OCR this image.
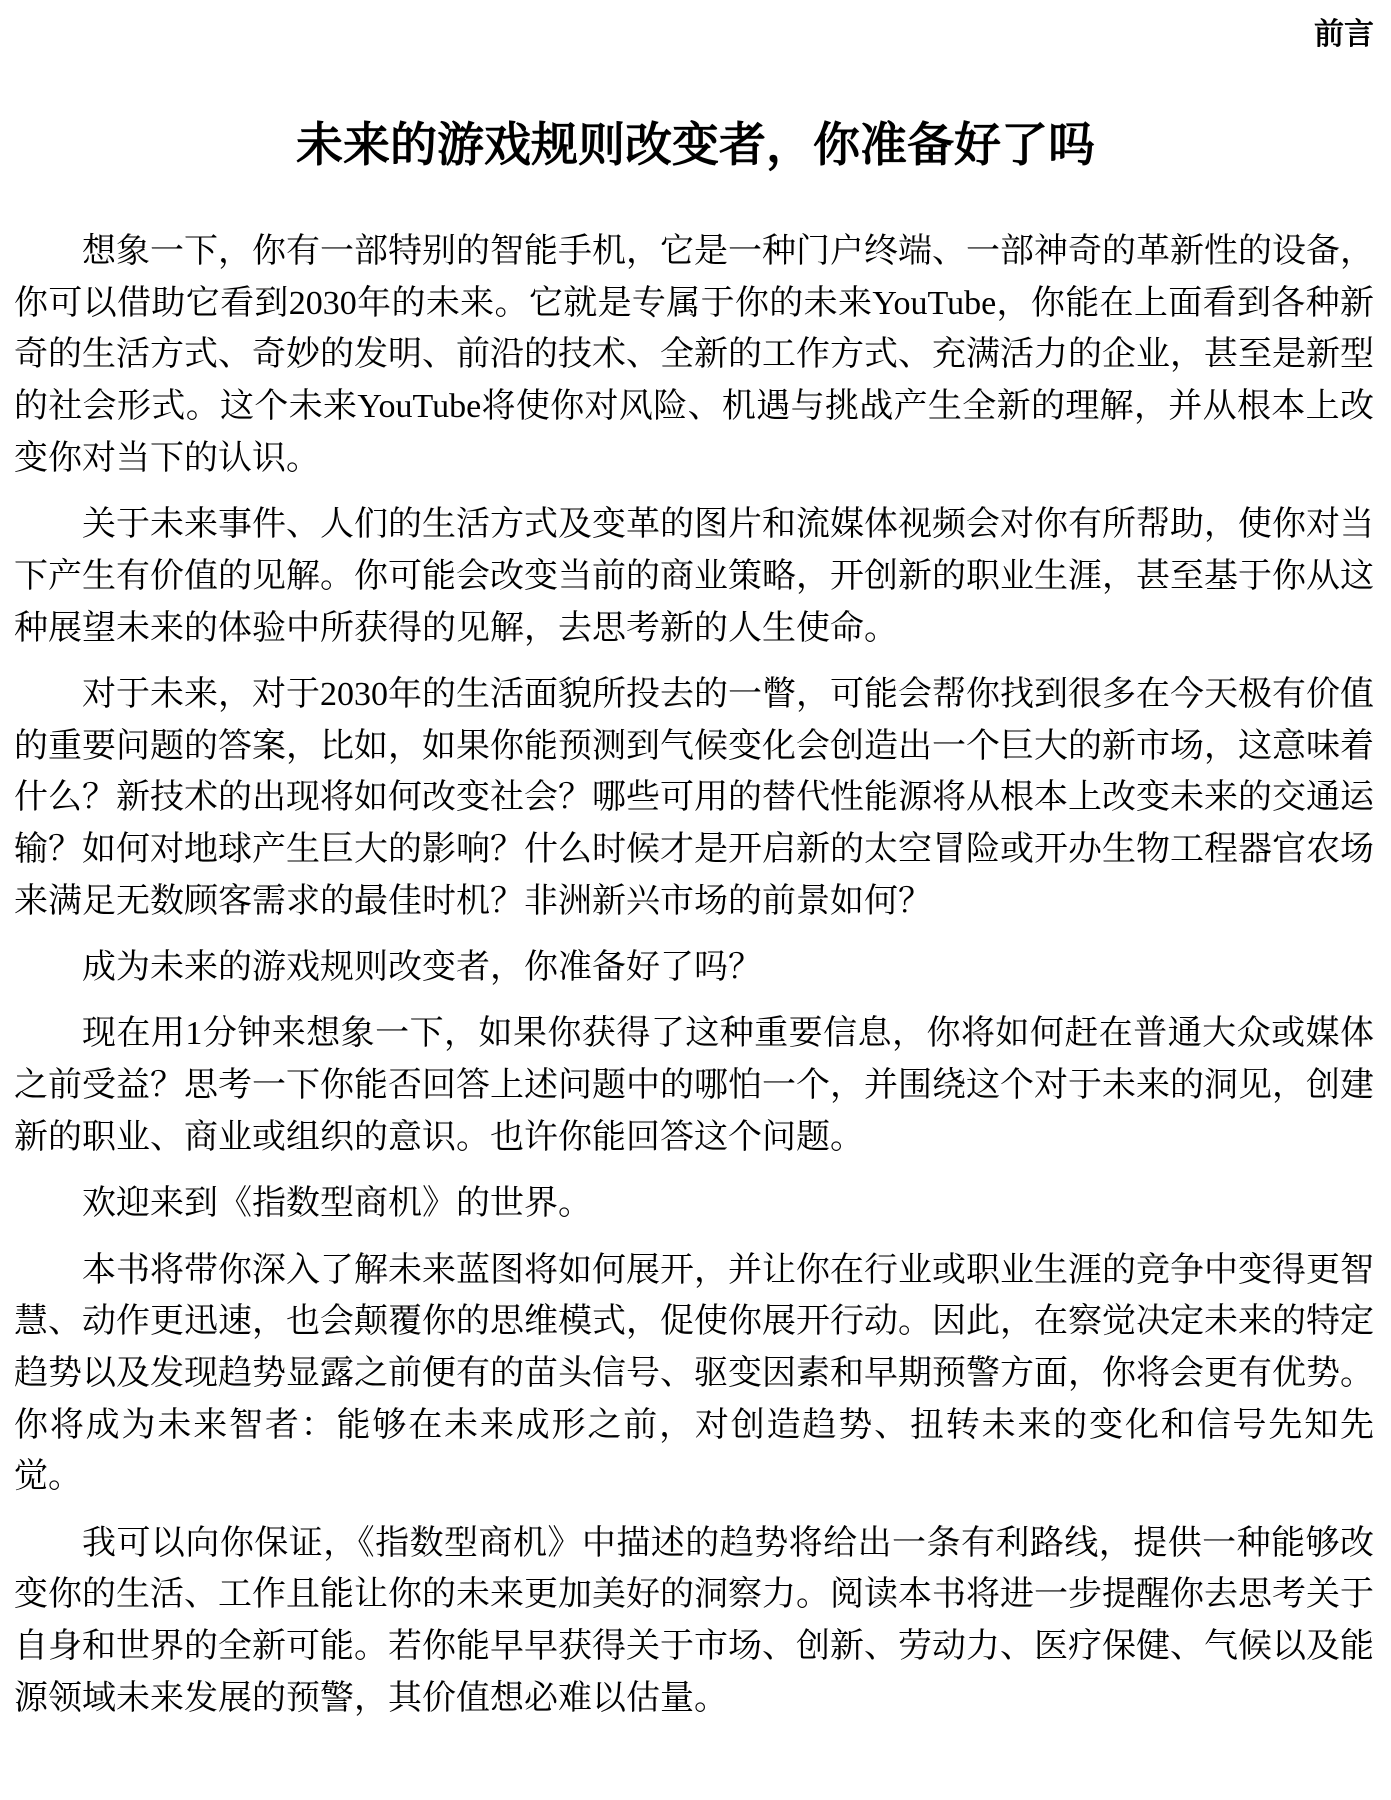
前言
未来的游戏规则改变者，你准备好了吗
想象一下，你有一部特别的智能手机，它是一种门户终端、一部神奇的革新性的设备，
你可以借助它看到2030年的未来。它就是专属于你的未来YouTube，你能在上面看到各种新
奇的生活方式、奇妙的发明、前沿的技术、全新的工作方式、充满活力的企业，甚至是新型
的社会形式。这个未来YouTube将使你对风险、机遇与挑战产生全新的理解，并从根本上改
变你对当下的认识。
关于未来事件、人们的生活方式及变革的图片和流媒体视频会对你有所帮助，使你对当
下产生有价值的见解。你可能会改变当前的商业策略，开创新的职业生涯，甚至基于你从这
种展望未来的体验中所获得的见解，去思考新的人生使命。
对于未来，对于2030年的生活面貌所投去的一瞥，可能会帮你找到很多在今天极有价值
的重要问题的答案，比如，如果你能预测到气候变化会创造出一个巨大的新市场，这意味着
什么？新技术的出现将如何改变社会？哪些可用的替代性能源将从根本上改变未来的交通运
输？如何对地球产生巨大的影响？什么时候才是开启新的太空冒险或开办生物工程器官农场
来满足无数顾客需求的最佳时机？非洲新兴市场的前景如何？
成为未来的游戏规则改变者，你准备好了吗？
现在用1分钟来想象一下，如果你获得了这种重要信息，你将如何赶在普通大众或媒体
之前受益？思考一下你能否回答上述问题中的哪怕一个，并围绕这个对于未来的洞见，创建
新的职业、商业或组织的意识。也许你能回答这个问题。
欢迎来到《指数型商机》的世界。
本书将带你深入了解未来蓝图将如何展开，并让你在行业或职业生涯的竞争中变得更智
慧、动作更迅速，也会颠覆你的思维模式，促使你展开行动。因此，在察觉决定未来的特定
趋势以及发现趋势显露之前便有的苗头信号、驱变因素和早期预警方面，你将会更有优势。
你将成为未来智者：能够在未来成形之前，对创造趋势、扭转未来的变化和信号先知先
觉。
我可以向你保证，《指数型商机》中描述的趋势将给出一条有利路线，提供一种能够改
变你的生活、工作且能让你的未来更加美好的洞察力。阅读本书将进一步提醒你去思考关于
自身和世界的全新可能。若你能早早获得关于市场、创新、劳动力、医疗保健、气候以及能
源领域未来发展的预警，其价值想必难以估量。
